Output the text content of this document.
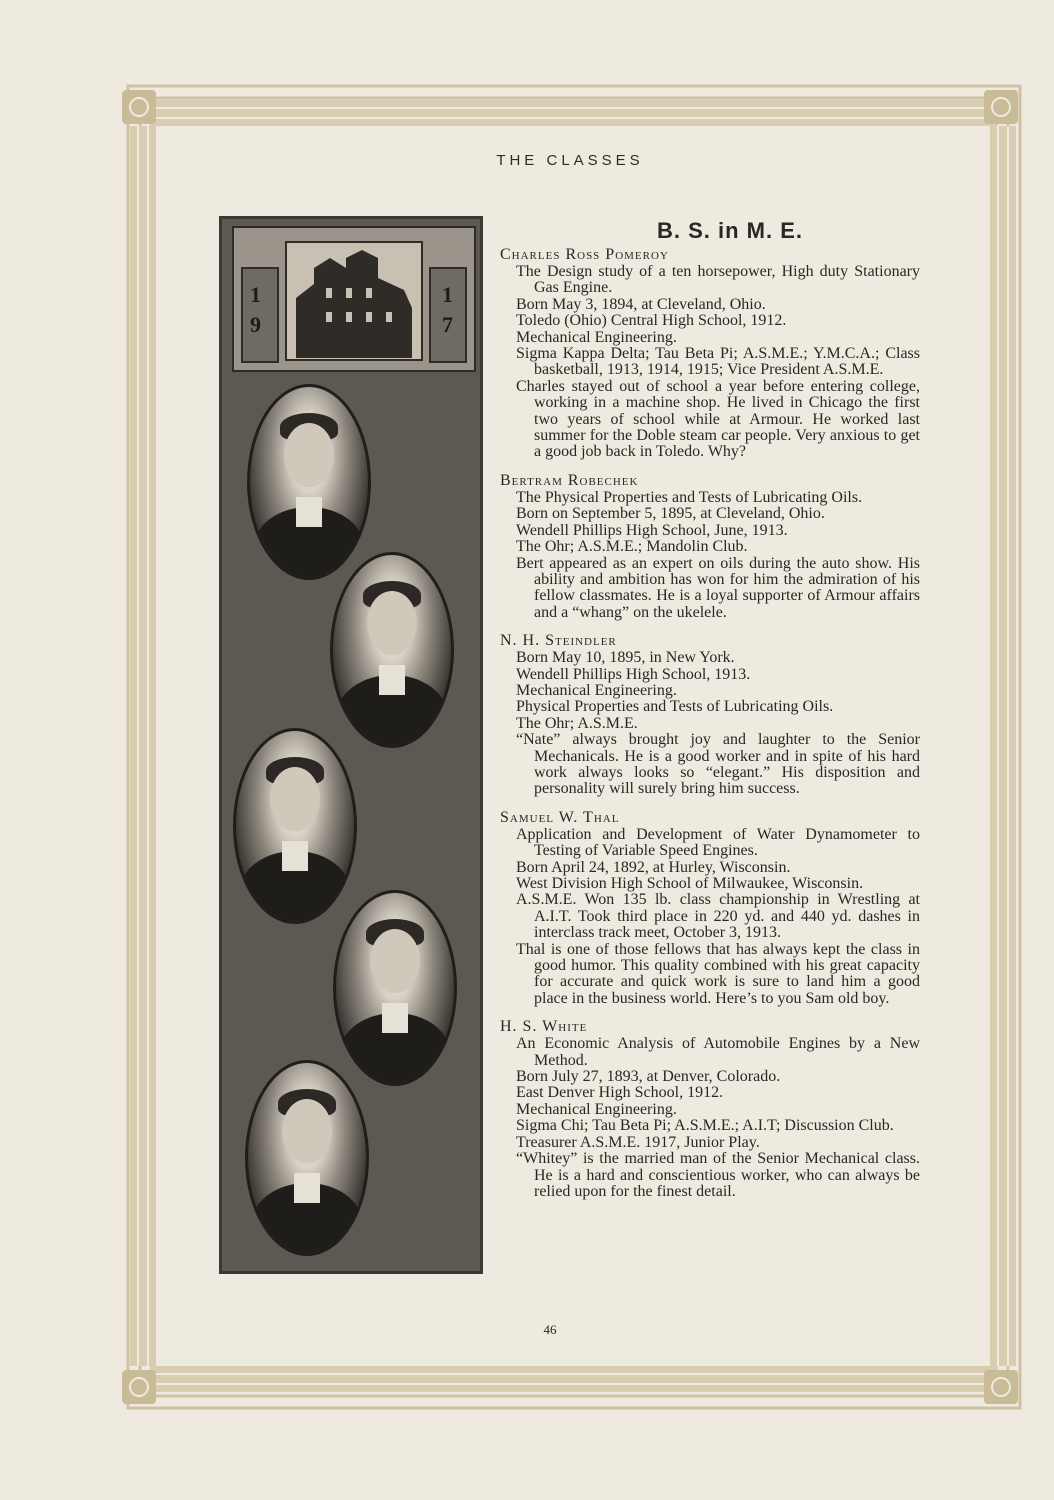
THE CLASSES
1
9
1
7
B. S. in M. E.
Charles Ross Pomeroy
The Design study of a ten horsepower, High duty Stationary Gas Engine.
Born May 3, 1894, at Cleveland, Ohio.
Toledo (Ohio) Central High School, 1912.
Mechanical Engineering.
Sigma Kappa Delta; Tau Beta Pi; A.S.M.E.; Y.M.C.A.; Class basketball, 1913, 1914, 1915; Vice President A.S.M.E.
Charles stayed out of school a year before entering college, working in a machine shop. He lived in Chicago the first two years of school while at Armour. He worked last summer for the Doble steam car people. Very anxious to get a good job back in Toledo. Why?
Bertram Robechek
The Physical Properties and Tests of Lubricating Oils.
Born on September 5, 1895, at Cleveland, Ohio.
Wendell Phillips High School, June, 1913.
The Ohr; A.S.M.E.; Mandolin Club.
Bert appeared as an expert on oils during the auto show. His ability and ambition has won for him the admiration of his fellow classmates. He is a loyal supporter of Armour affairs and a “whang” on the ukelele.
N. H. Steindler
Born May 10, 1895, in New York.
Wendell Phillips High School, 1913.
Mechanical Engineering.
Physical Properties and Tests of Lubricating Oils.
The Ohr; A.S.M.E.
“Nate” always brought joy and laughter to the Senior Mechanicals. He is a good worker and in spite of his hard work always looks so “elegant.” His disposition and personality will surely bring him success.
Samuel W. Thal
Application and Development of Water Dynamometer to Testing of Variable Speed Engines.
Born April 24, 1892, at Hurley, Wisconsin.
West Division High School of Milwaukee, Wisconsin.
A.S.M.E. Won 135 lb. class championship in Wrestling at A.I.T. Took third place in 220 yd. and 440 yd. dashes in interclass track meet, October 3, 1913.
Thal is one of those fellows that has always kept the class in good humor. This quality combined with his great capacity for accurate and quick work is sure to land him a good place in the business world. Here’s to you Sam old boy.
H. S. White
An Economic Analysis of Automobile Engines by a New Method.
Born July 27, 1893, at Denver, Colorado.
East Denver High School, 1912.
Mechanical Engineering.
Sigma Chi; Tau Beta Pi; A.S.M.E.; A.I.T; Discussion Club.
Treasurer A.S.M.E. 1917, Junior Play.
“Whitey” is the married man of the Senior Mechanical class. He is a hard and conscientious worker, who can always be relied upon for the finest detail.
46
